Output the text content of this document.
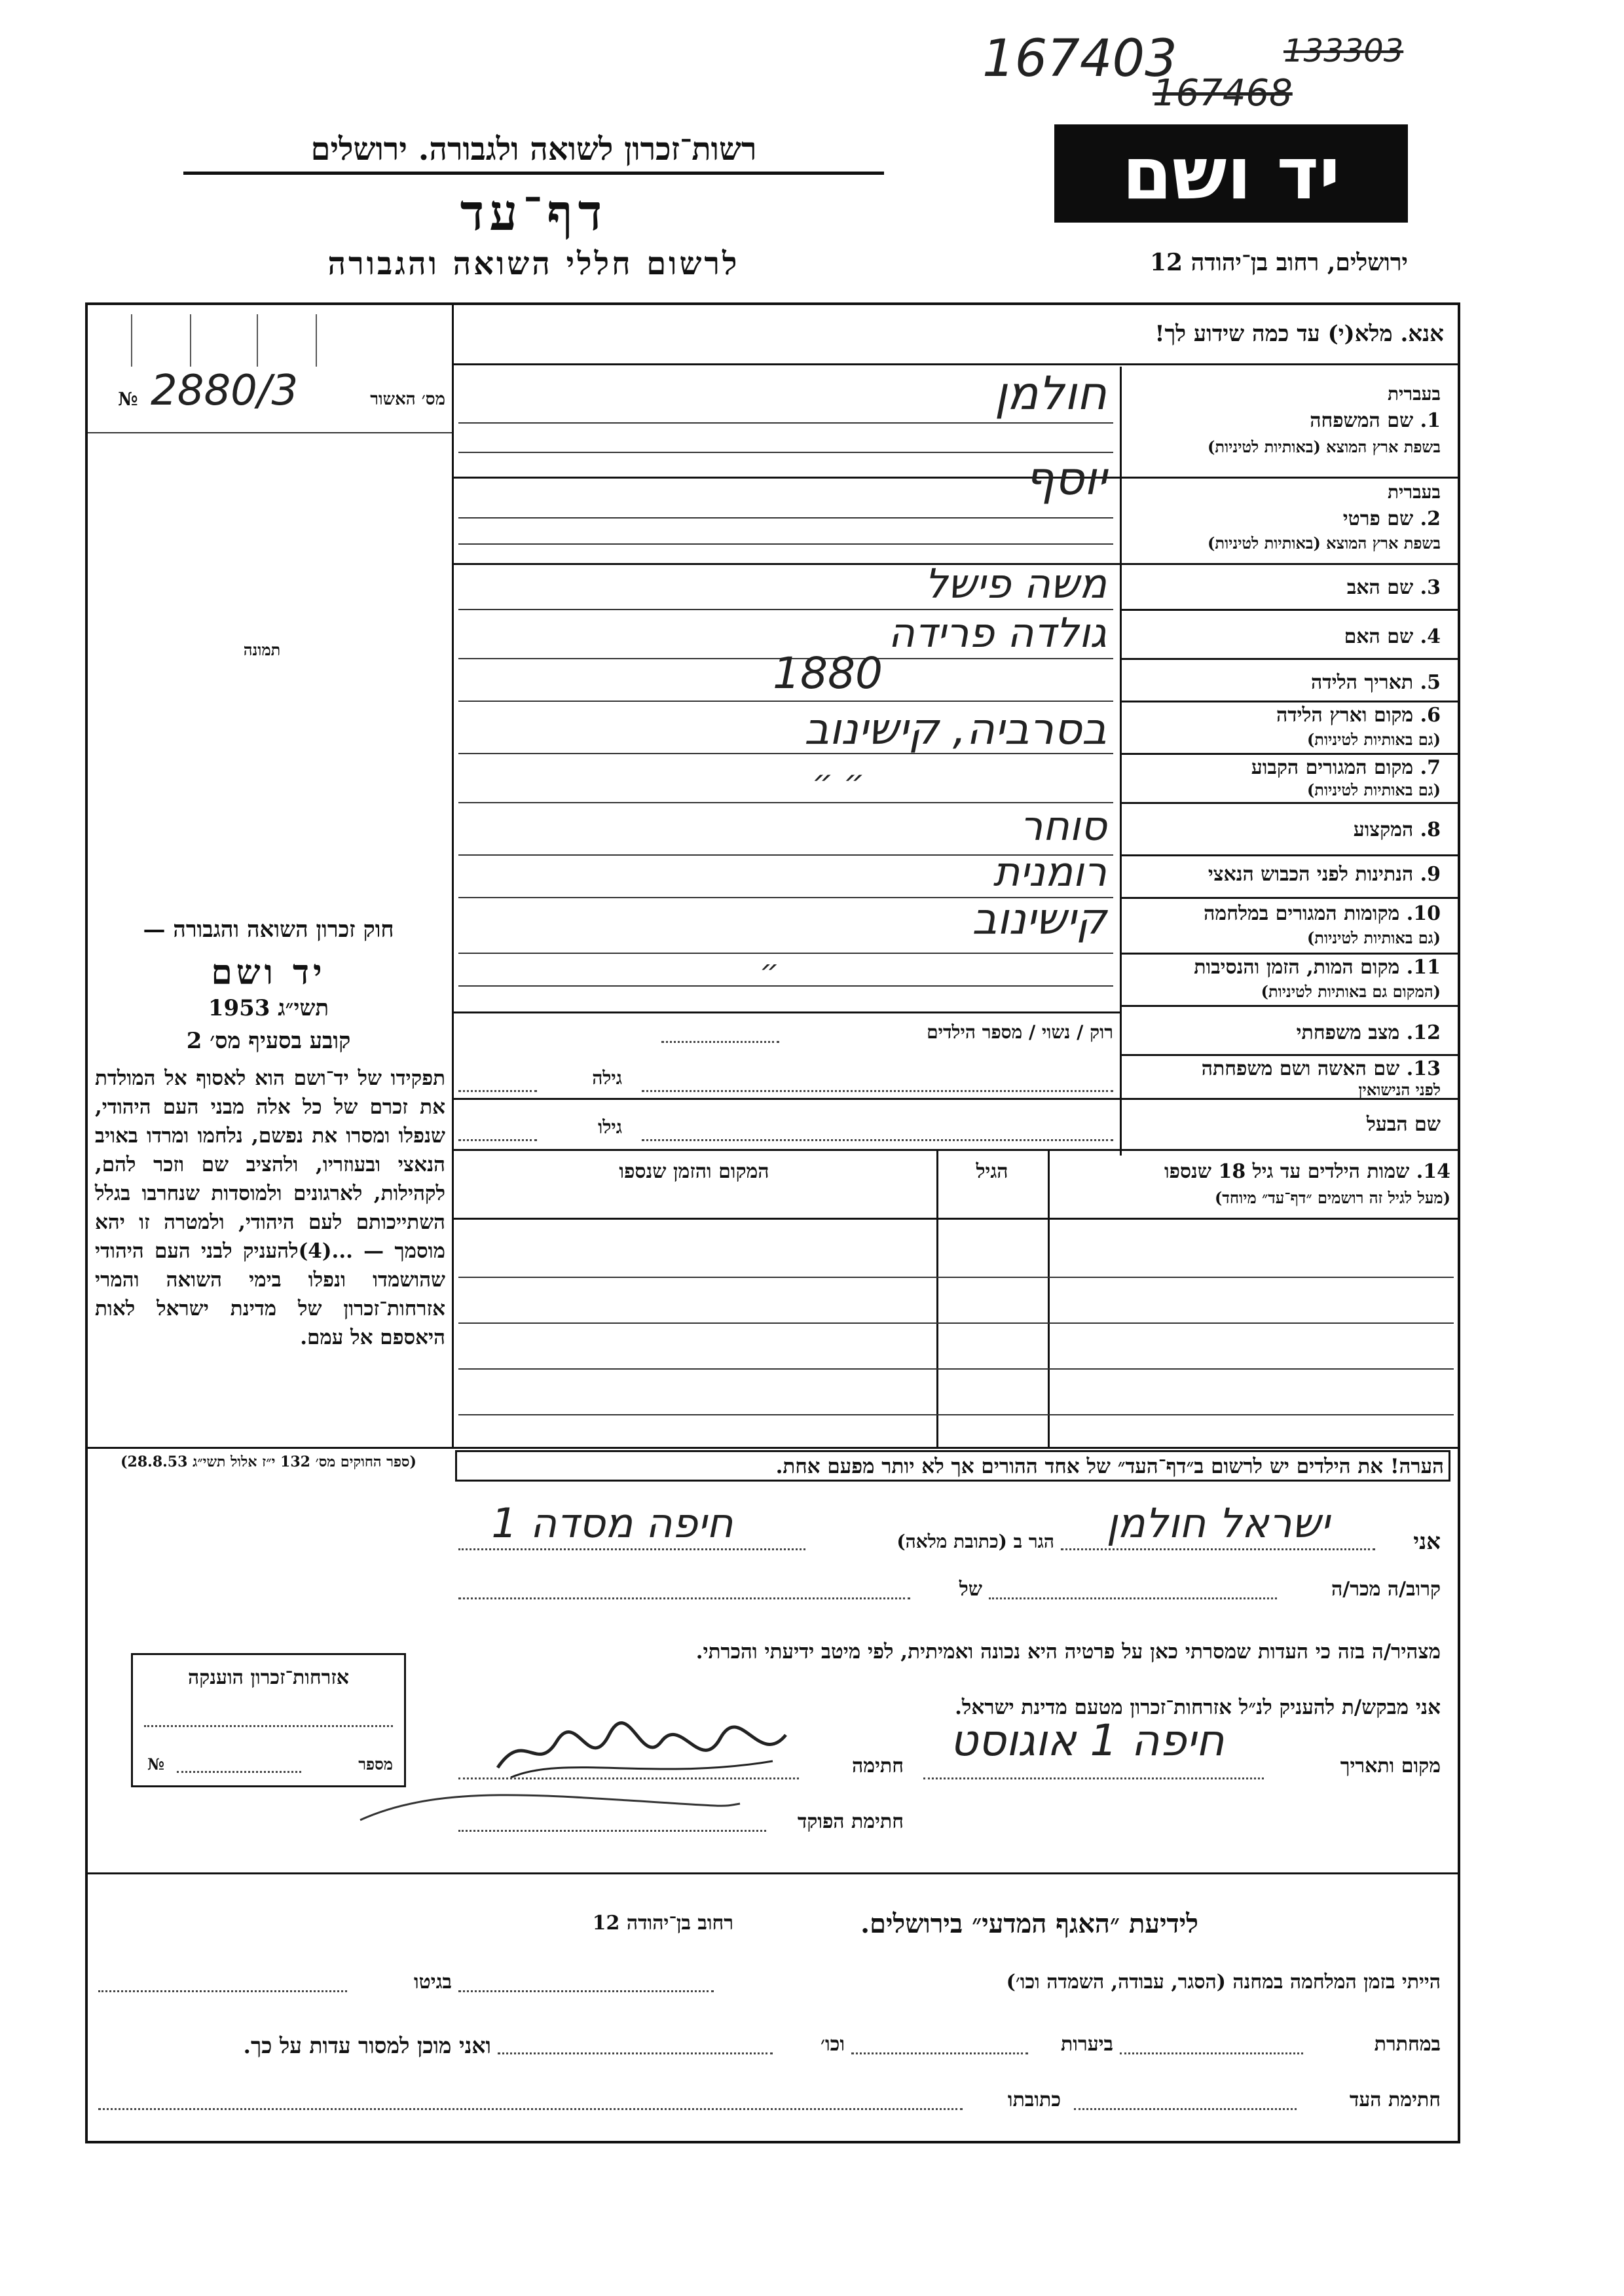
167403
167468
133303
רשות־זכרון לשואה ולגבורה. ירושלים
דף־עד
לרשום חללי השואה והגבורה
יד ושם
ירושלים, רחוב בן־יהודה 12
אנא. מלא(י) עד כמה שידוע לך!
מס׳ האשור
№ 2880/3
תמונה
בעברית
1. שם המשפחה
בשפת ארץ המוצא (באותיות לטיניות)
חולמן
בעברית
2. שם פרטי
בשפת ארץ המוצא (באותיות לטיניות)
יוסף
3. שם האב
משה פישל
4. שם האם
גולדה פרידה
5. תאריך הלידה
1880
6. מקום וארץ הלידה
(גם באותיות לטיניות)
בסרביה, קישינוב
7. מקום המגורים הקבוע
(גם באותיות לטיניות)
״ ״
8. המקצוע
סוחר
9. הנתינות לפני הכבוש הנאצי
רומנית
10. מקומות המגורים במלחמה
(גם באותיות לטיניות)
קישינוב
11. מקום המות, הזמן והנסיבות
(המקום גם באותיות לטיניות)
״
12. מצב משפחתי
רוק / נשוי / מספר הילדים
13. שם האשה ושם משפחתה
לפני הנישואין
גילה
שם הבעל
גילו
14. שמות הילדים עד גיל 18 שנספו
(מעל לגיל זה רושמים ״דף־עד״ מיוחד)
הגיל
המקום והזמן שנספו
חוק זכרון השואה והגבורה —
יד ושם
תשי״ג 1953
קובע בסעיף מס׳ 2
תפקידו של יד־ושם הוא לאסוף אל המולדת את זכרם של כל אלה מבני העם היהודי, שנפלו ומסרו את נפשם, נלחמו ומרדו באויב הנאצי ובעוזריו, ולהציב שם וזכר להם, לקהילות, לארגונים ולמוסדות שנחרבו בגלל השתייכותם לעם היהודי, ולמטרה זו יהא מוסמך — ...(4)להעניק לבני העם היהודי שהושמדו ונפלו בימי השואה והמרי אזרחות־זכרון של מדינת ישראל לאות היאספם אל עמם.
(ספר החוקים מס׳ 132 י״ז אלול תשי״ג 28.8.53)	הערה! את הילדים יש לרשום ב״דף־העד״ של אחד ההורים אך לא יותר מפעם אחת.
אני
ישראל חולמן
הגר ב (כתובת מלאה)
חיפה מסדה 1
קרוב/ה מכר/ה
של
מצהיר/ה בזה כי העדות שמסרתי כאן על פרטיה היא נכונה ואמיתית, לפי מיטב ידיעתי והכרתי.
אני מבקש/ת להעניק לנ״ל אזרחות־זכרון מטעם מדינת ישראל.
מקום ותאריך
חיפה 1 אוגוסט
חתימה
חתימת הפוקד
אזרחות־זכרון הוענקה
מספר
№
לידיעת ״האגף המדעי״ בירושלים.
רחוב בן־יהודה 12
הייתי בזמן המלחמה במחנה (הסגר, עבודה, השמדה וכו׳)
בגיטו
במחתרת
ביערות
וכו׳
ואני מוכן למסור עדות על כך.
חתימת העד
כתובתו
